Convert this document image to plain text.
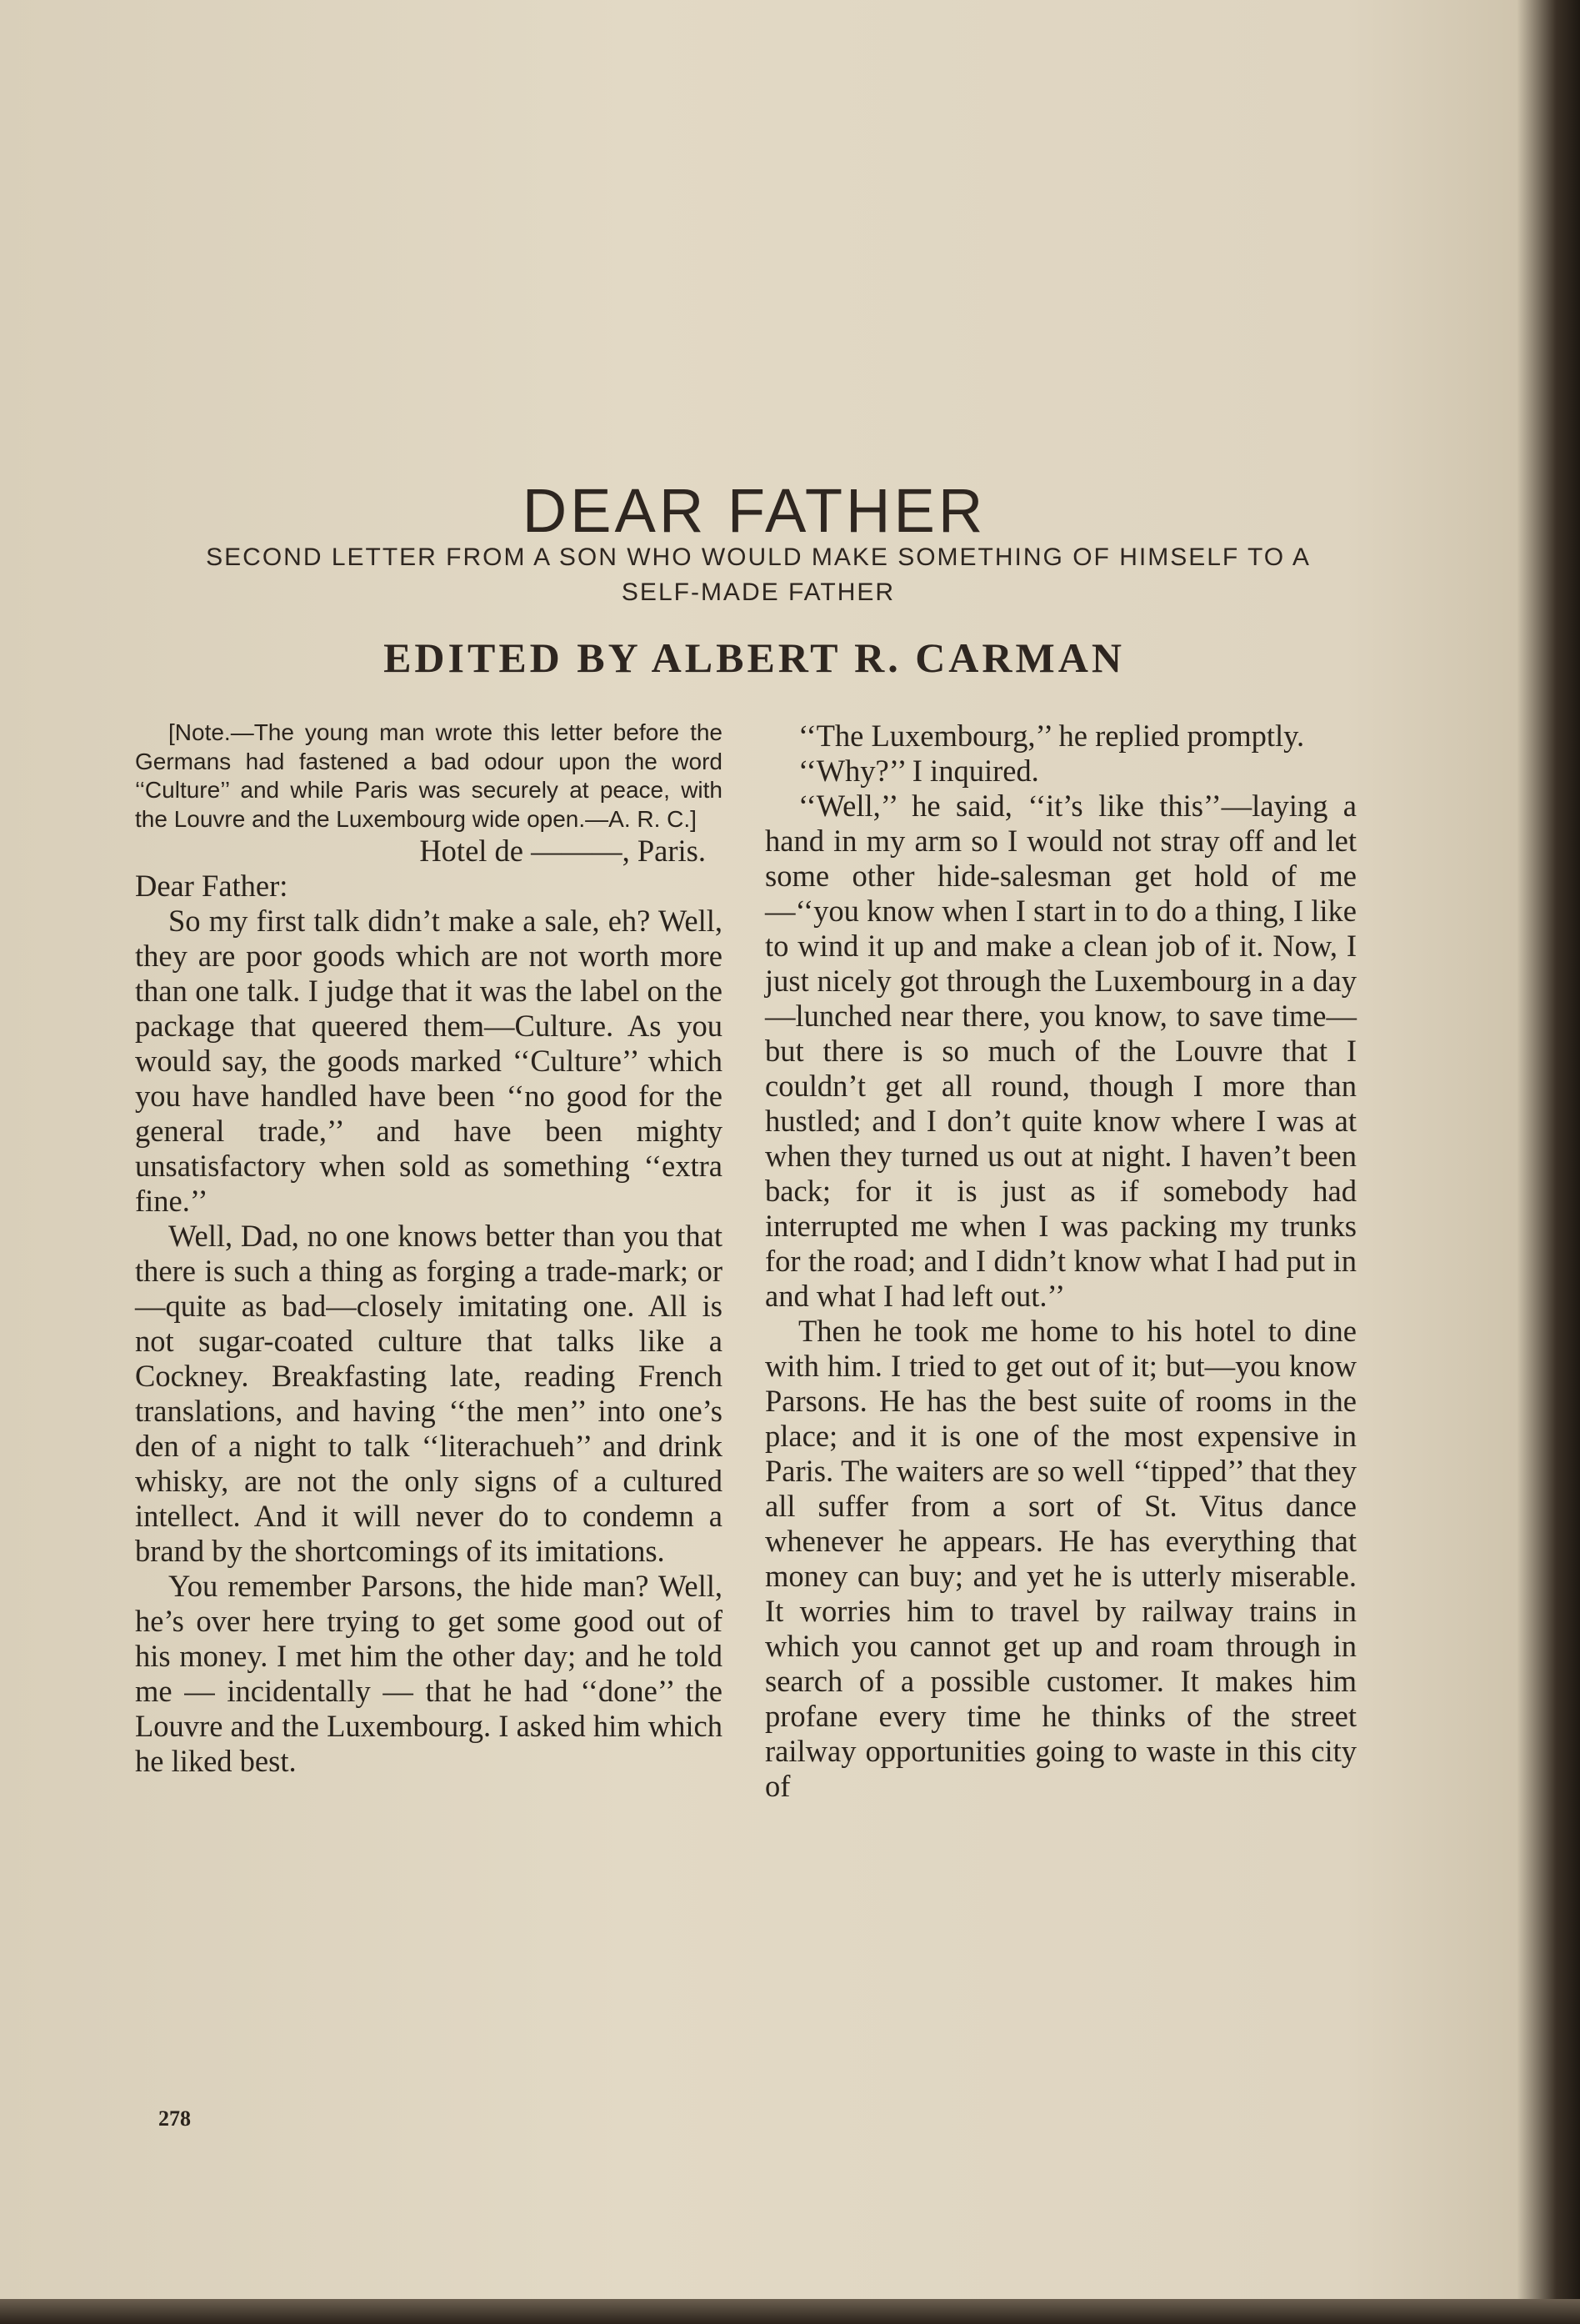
DEAR FATHER
SECOND LETTER FROM A SON WHO WOULD MAKE SOMETHING OF HIMSELF TO A SELF-MADE FATHER
EDITED BY ALBERT R. CARMAN

[Note.—The young man wrote this letter before the Germans had fastened a bad odour upon the word ‘‘Culture’’ and while Paris was securely at peace, with the Louvre and the Luxembourg wide open.—A. R. C.]

Hotel de ———, Paris.

Dear Father:

So my first talk didn’t make a sale, eh? Well, they are poor goods which are not worth more than one talk. I judge that it was the label on the package that queered them—Culture. As you would say, the goods marked ‘‘Culture’’ which you have handled have been ‘‘no good for the general trade,’’ and have been mighty unsatisfactory when sold as something ‘‘extra fine.’’

Well, Dad, no one knows better than you that there is such a thing as forging a trade-mark; or—quite as bad—closely imitating one. All is not sugar-coated culture that talks like a Cockney. Breakfasting late, reading French translations, and having ‘‘the men’’ into one’s den of a night to talk ‘‘literachueh’’ and drink whisky, are not the only signs of a cultured intellect. And it will never do to condemn a brand by the shortcomings of its imitations.

You remember Parsons, the hide man? Well, he’s over here trying to get some good out of his money. I met him the other day; and he told me — incidentally — that he had ‘‘done’’ the Louvre and the Luxembourg. I asked him which he liked best.

‘‘The Luxembourg,’’ he replied promptly.

‘‘Why?’’ I inquired.

‘‘Well,’’ he said, ‘‘it’s like this’’—laying a hand in my arm so I would not stray off and let some other hide-salesman get hold of me—‘‘you know when I start in to do a thing, I like to wind it up and make a clean job of it. Now, I just nicely got through the Luxembourg in a day—lunched near there, you know, to save time—but there is so much of the Louvre that I couldn’t get all round, though I more than hustled; and I don’t quite know where I was at when they turned us out at night. I haven’t been back; for it is just as if somebody had interrupted me when I was packing my trunks for the road; and I didn’t know what I had put in and what I had left out.’’

Then he took me home to his hotel to dine with him. I tried to get out of it; but—you know Parsons. He has the best suite of rooms in the place; and it is one of the most expensive in Paris. The waiters are so well ‘‘tipped’’ that they all suffer from a sort of St. Vitus dance whenever he appears. He has everything that money can buy; and yet he is utterly miserable. It worries him to travel by railway trains in which you cannot get up and roam through in search of a possible customer. It makes him profane every time he thinks of the street railway opportunities going to waste in this city of

278
